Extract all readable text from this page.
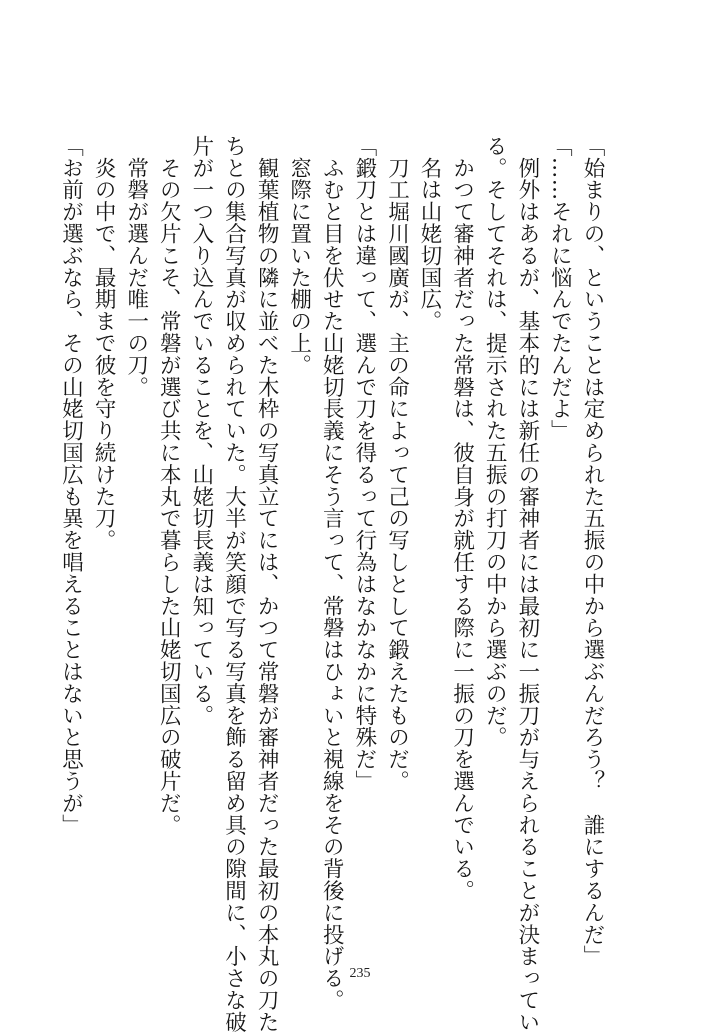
「始まりの、ということは定められた五振の中から選ぶんだろう？　誰にするんだ」
「……それに悩んでたんだよ」
　例外はあるが、基本的には新任の審神者には最初に一振刀が与えられることが決まってい
る。そしてそれは、提示された五振の打刀の中から選ぶのだ。
　かつて審神者だった常磐は、彼自身が就任する際に一振の刀を選んでいる。
　名は山姥切国広。
　刀工堀川國廣が、主の命によって己の写しとして鍛えたものだ。
「鍛刀とは違って、選んで刀を得るって行為はなかなかに特殊だ」
　ふむと目を伏せた山姥切長義にそう言って、常磐はひょいと視線をその背後に投げる。
　窓際に置いた棚の上。
　観葉植物の隣に並べた木枠の写真立てには、かつて常磐が審神者だった最初の本丸の刀た
ちとの集合写真が収められていた。大半が笑顔で写る写真を飾る留め具の隙間に、小さな破
片が一つ入り込んでいることを、山姥切長義は知っている。
　その欠片こそ、常磐が選び共に本丸で暮らした山姥切国広の破片だ。
　常磐が選んだ唯一の刀。
　炎の中で、最期まで彼を守り続けた刀。
「お前が選ぶなら、その山姥切国広も異を唱えることはないと思うが」
235
